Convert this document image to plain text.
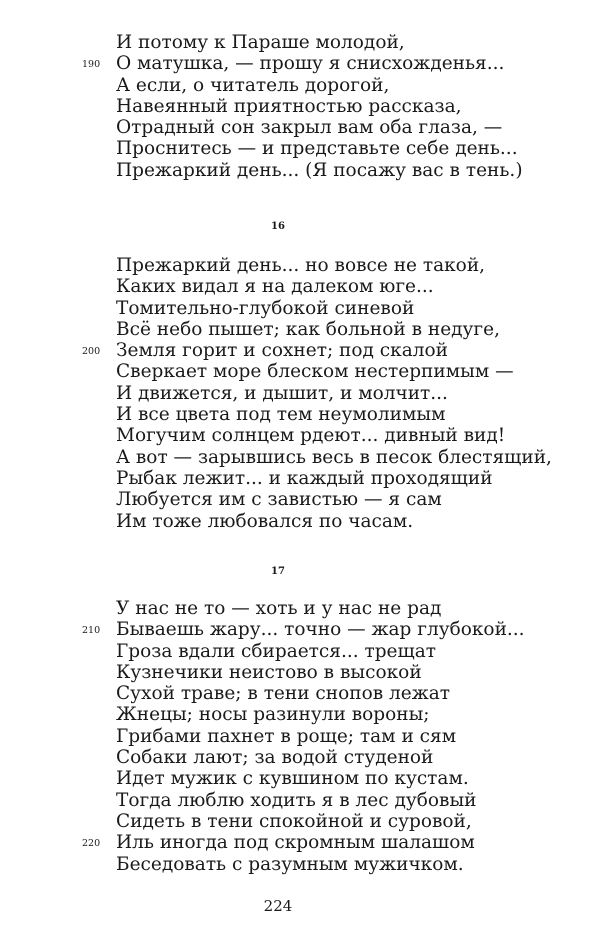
И потому к Параше молодой,
190 О матушка, — прошу я снисхожденья...
А если, о читатель дорогой,
Навеянный приятностью рассказа,
Отрадный сон закрыл вам оба глаза, —
Проснитесь — и представьте себе день...
Прежаркий день... (Я посажу вас в тень.)
16
Прежаркий день... но вовсе не такой,
Каких видал я на далеком юге...
Томительно-глубокой синевой
Всё небо пышет; как больной в недуге,
200 Земля горит и сохнет; под скалой
Сверкает море блеском нестерпимым —
И движется, и дышит, и молчит...
И все цвета под тем неумолимым
Могучим солнцем рдеют... дивный вид!
А вот — зарывшись весь в песок блестящий,
Рыбак лежит... и каждый проходящий
Любуется им с завистью — я сам
Им тоже любовался по часам.
17
У нас не то — хоть и у нас не рад
210 Бываешь жару... точно — жар глубокой...
Гроза вдали сбирается... трещат
Кузнечики неистово в высокой
Сухой траве; в тени снопов лежат
Жнецы; носы разинули вороны;
Грибами пахнет в роще; там и сям
Собаки лают; за водой студеной
Идет мужик с кувшином по кустам.
Тогда люблю ходить я в лес дубовый
Сидеть в тени спокойной и суровой,
220 Иль иногда под скромным шалашом
Беседовать с разумным мужичком.
224
